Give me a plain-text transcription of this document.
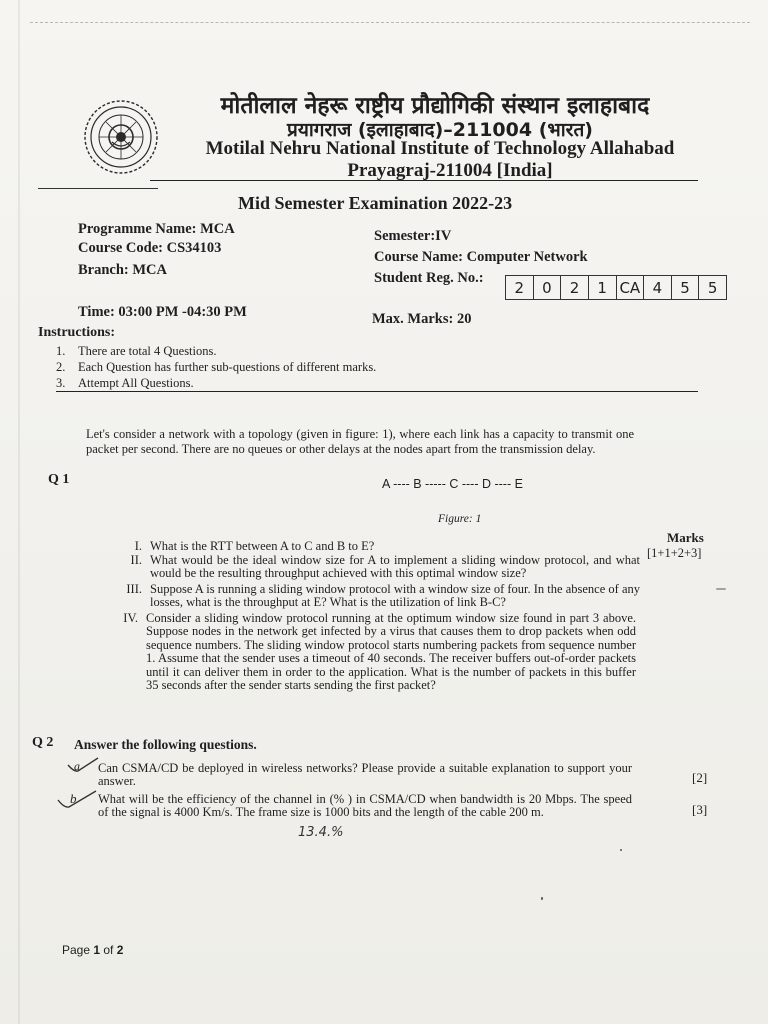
मोतीलाल नेहरू राष्ट्रीय प्रौद्योगिकी संस्थान इलाहाबाद
प्रयागराज (इलाहाबाद)–211004 (भारत)
Motilal Nehru National Institute of Technology Allahabad
Prayagraj-211004 [India]
Mid Semester Examination 2022-23
Programme Name: MCA
Course Code: CS34103
Branch: MCA
Semester:IV
Course Name: Computer Network
Student Reg. No.:
2	0	2	1 CA 4	5	5
Time: 03:00 PM -04:30 PM	Max. Marks: 20
Instructions:
1. There are total 4 Questions.
2. Each Question has further sub-questions of different marks.
3. Attempt All Questions.
Let's consider a network with a topology (given in figure: 1), where each link has a capacity to transmit one packet per second. There are no queues or other delays at the nodes apart from the transmission delay.
Q 1	A ---- B ----- C ---- D ---- E
Figure: 1
Marks
[1+1+2+3]
I. What is the RTT between A to C and B to E?
II. What would be the ideal window size for A to implement a sliding window protocol, and what would be the resulting throughput achieved with this optimal window size?
III. Suppose A is running a sliding window protocol with a window size of four. In the absence of any losses, what is the throughput at E? What is the utilization of link B-C?
IV. Consider a sliding window protocol running at the optimum window size found in part 3 above. Suppose nodes in the network get infected by a virus that causes them to drop packets when odd sequence numbers. The sliding window protocol starts numbering packets from sequence number 1. Assume that the sender uses a timeout of 40 seconds. The receiver buffers out-of-order packets until it can deliver them in order to the application. What is the number of packets in this buffer 35 seconds after the sender starts sending the first packet?
Q 2 Answer the following questions.
a Can CSMA/CD be deployed in wireless networks? Please provide a suitable explanation to support your answer.	[2]
b What will be the efficiency of the channel in (% ) in CSMA/CD when bandwidth is 20 Mbps. The speed of the signal is 4000 Km/s. The frame size is 1000 bits and the length of the cable 200 m.	[3]
13.4.%
Page 1 of 2
